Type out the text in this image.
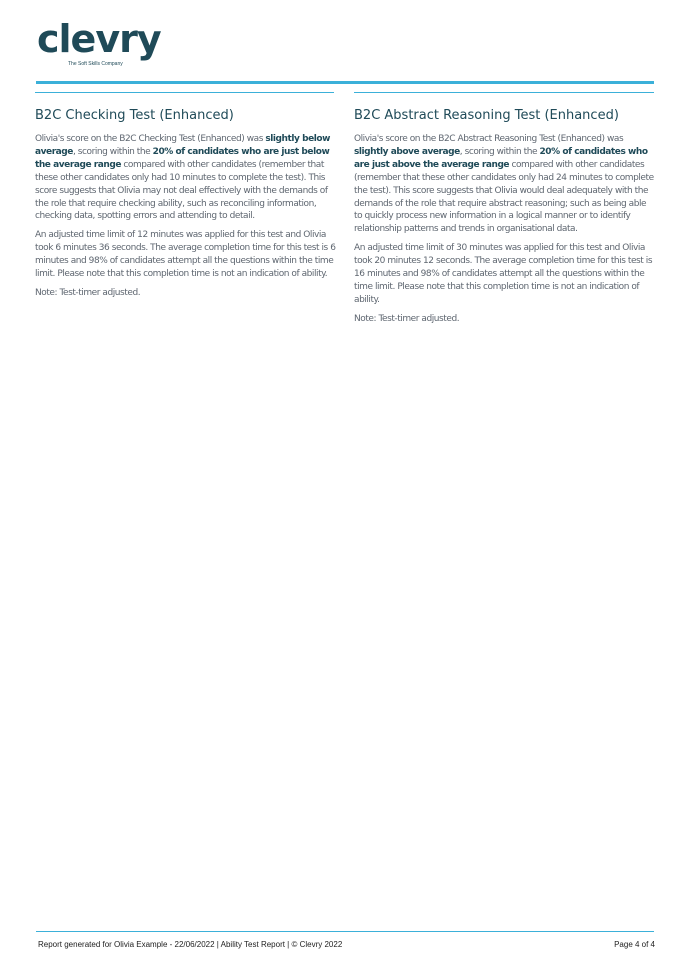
clevry
The Soft Skills Company
B2C Checking Test (Enhanced)

Olivia's score on the B2C Checking Test (Enhanced) was slightly below average, scoring within the 20% of candidates who are just below the average range compared with other candidates (remember that these other candidates only had 10 minutes to complete the test). This score suggests that Olivia may not deal effectively with the demands of the role that require checking ability, such as reconciling information, checking data, spotting errors and attending to detail.

An adjusted time limit of 12 minutes was applied for this test and Olivia took 6 minutes 36 seconds. The average completion time for this test is 6 minutes and 98% of candidates attempt all the questions within the time limit. Please note that this completion time is not an indication of ability.

Note: Test-timer adjusted.

B2C Abstract Reasoning Test (Enhanced)

Olivia's score on the B2C Abstract Reasoning Test (Enhanced) was slightly above average, scoring within the 20% of candidates who are just above the average range compared with other candidates (remember that these other candidates only had 24 minutes to complete the test). This score suggests that Olivia would deal adequately with the demands of the role that require abstract reasoning; such as being able to quickly process new information in a logical manner or to identify relationship patterns and trends in organisational data.

An adjusted time limit of 30 minutes was applied for this test and Olivia took 20 minutes 12 seconds. The average completion time for this test is 16 minutes and 98% of candidates attempt all the questions within the time limit. Please note that this completion time is not an indication of ability.

Note: Test-timer adjusted.

Report generated for Olivia Example - 22/06/2022 | Ability Test Report | © Clevry 2022	Page 4 of 4
